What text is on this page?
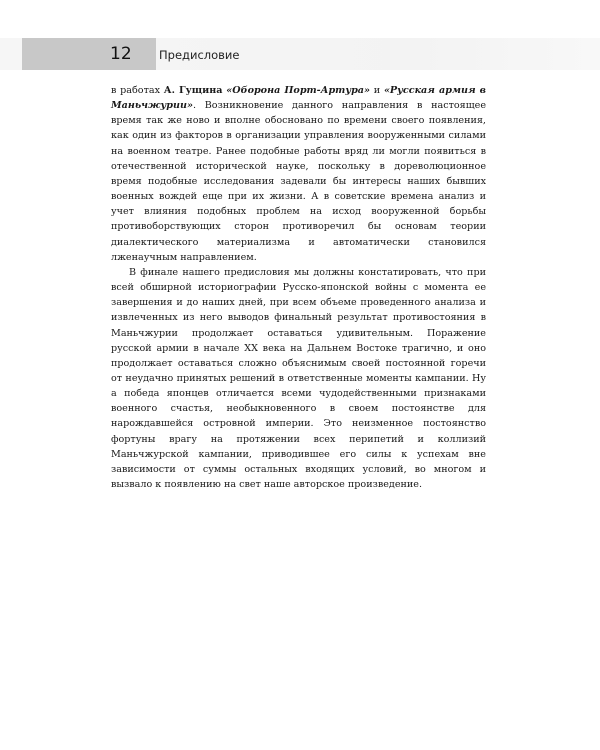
12 Предисловие

в работах А. Гущина «Оборона Порт-Артура» и «Русская армия в Маньчжурии». Возникновение данного направления в настоящее время так же ново и вполне обосновано по времени своего появления, как один из факторов в организации управления вооруженными силами на военном театре. Ранее подобные работы вряд ли могли появиться в отечественной исторической науке, поскольку в дореволюционное время подобные исследования задевали бы интересы наших бывших военных вождей еще при их жизни. А в советские времена анализ и учет влияния подобных проблем на исход вооруженной борьбы противоборствующих сторон противоречил бы основам теории диалектического материализма и автоматически становился лженаучным направлением.

В финале нашего предисловия мы должны констатировать, что при всей обширной историографии Русско-японской войны с момента ее завершения и до наших дней, при всем объеме проведенного анализа и извлеченных из него выводов финальный результат противостояния в Маньчжурии продолжает оставаться удивительным. Поражение русской армии в начале XX века на Дальнем Востоке трагично, и оно продолжает оставаться сложно объяснимым своей постоянной горечи от неудачно принятых решений в ответственные моменты кампании. Ну а победа японцев отличается всеми чудодейственными признаками военного счастья, необыкновенного в своем постоянстве для нарождавшейся островной империи. Это неизменное постоянство фортуны врагу на протяжении всех перипетий и коллизий Маньчжурской кампании, приводившее его силы к успехам вне зависимости от суммы остальных входящих условий, во многом и вызвало к появлению на свет наше авторское произведение.
